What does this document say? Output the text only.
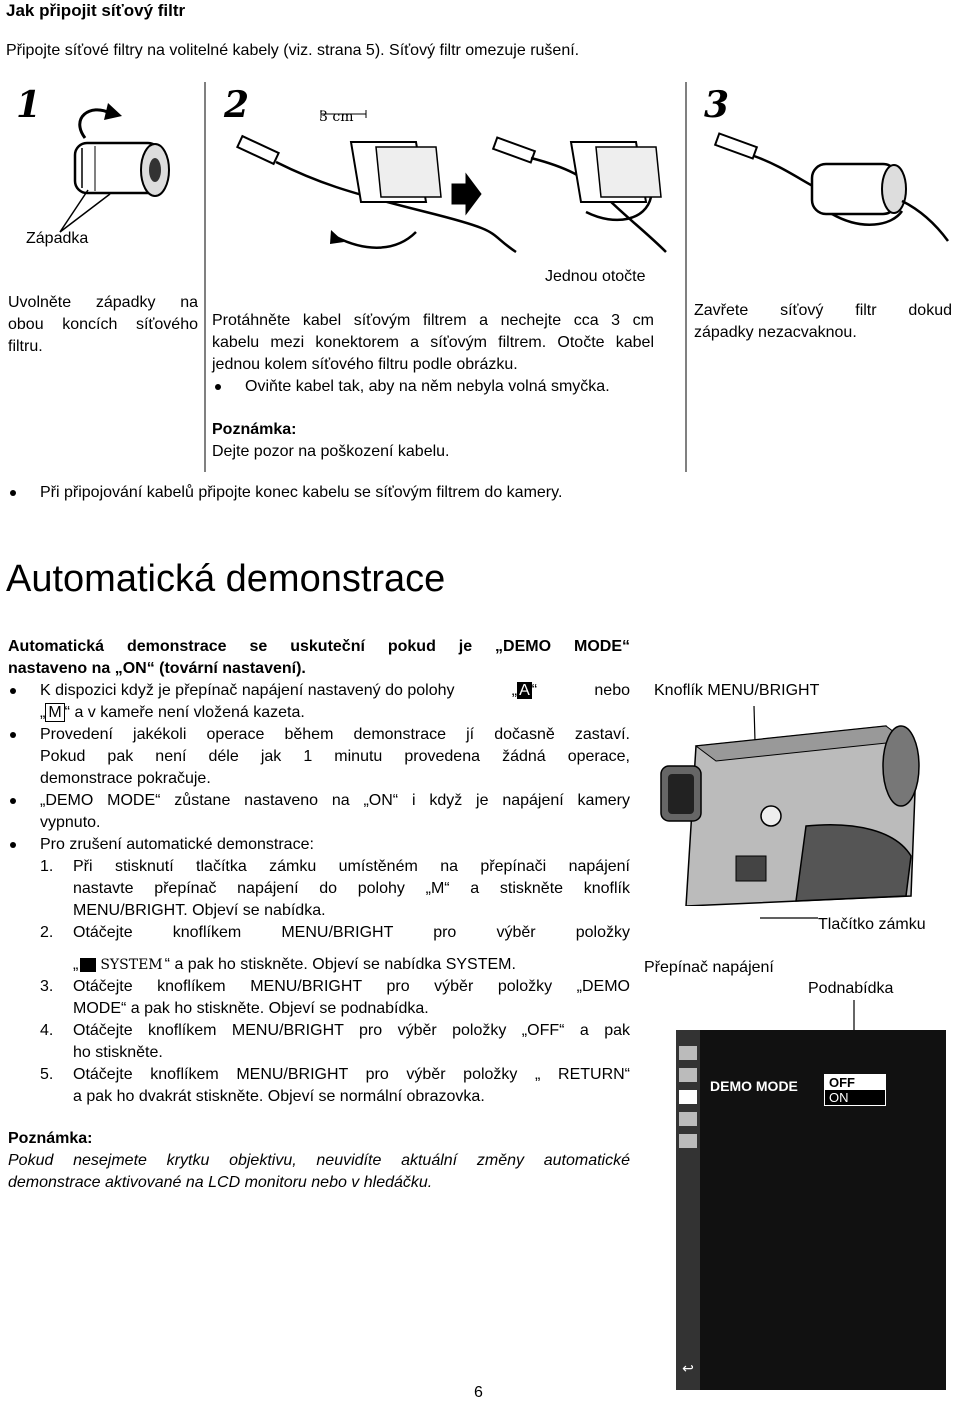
Jak připojit síťový filtr
Připojte síťové filtry na volitelné kabely (viz. strana 5). Síťový filtr omezuje rušení.
1	2	3
Západka
Uvolněte západky na
obou koncích síťového
filtru.
3 cm
Jednou otočte
Protáhněte kabel síťovým filtrem a nechejte cca 3 cm
kabelu mezi konektorem a síťovým filtrem. Otočte kabel
jednou kolem síťového filtru podle obrázku.
Oviňte kabel tak, aby na něm nebyla volná smyčka.
Poznámka:
Dejte pozor na poškození kabelu.
Zavřete síťový filtr dokud
západky nezacvaknou.
Při připojování kabelů připojte konec kabelu se síťovým filtrem do kamery.
Automatická demonstrace
Automatická demonstrace se uskuteční pokud je „DEMO MODE“
nastaveno na „ON“ (tovární nastavení).
K dispozici když je přepínač napájení nastavený do polohy	„ A “	nebo
„ M “ a v kameře není vložená kazeta.
Provedení jakékoli operace během demonstrace jí dočasně zastaví.
Pokud pak není déle jak 1 minutu provedena žádná operace,
demonstrace pokračuje.
„DEMO MODE“ zůstane nastaveno na „ON“ i když je napájení kamery
vypnuto.
Pro zrušení automatické demonstrace:
1.	Při stisknutí tlačítka zámku umístěném na přepínači napájení
nastavte přepínač napájení do polohy „M“ a stiskněte knoflík
MENU/BRIGHT. Objeví se nabídka.
2.	Otáčejte knoflíkem MENU/BRIGHT pro výběr položky
„ SYSTEM “ a pak ho stiskněte. Objeví se nabídka SYSTEM.
3.	Otáčejte knoflíkem MENU/BRIGHT pro výběr položky „DEMO
MODE“ a pak ho stiskněte. Objeví se podnabídka.
4.	Otáčejte knoflíkem MENU/BRIGHT pro výběr položky „OFF“ a pak
ho stiskněte.
5.	Otáčejte knoflíkem MENU/BRIGHT pro výběr položky „ RETURN“
a pak ho dvakrát stiskněte. Objeví se normální obrazovka.
Poznámka:
Pokud nesejmete krytku objektivu, neuvidíte aktuální změny automatické
demonstrace aktivované na LCD monitoru nebo v hledáčku.
Knoflík MENU/BRIGHT
Tlačítko zámku
Přepínač napájení
Podnabídka
DEMO MODE	OFF
ON
↩
6
